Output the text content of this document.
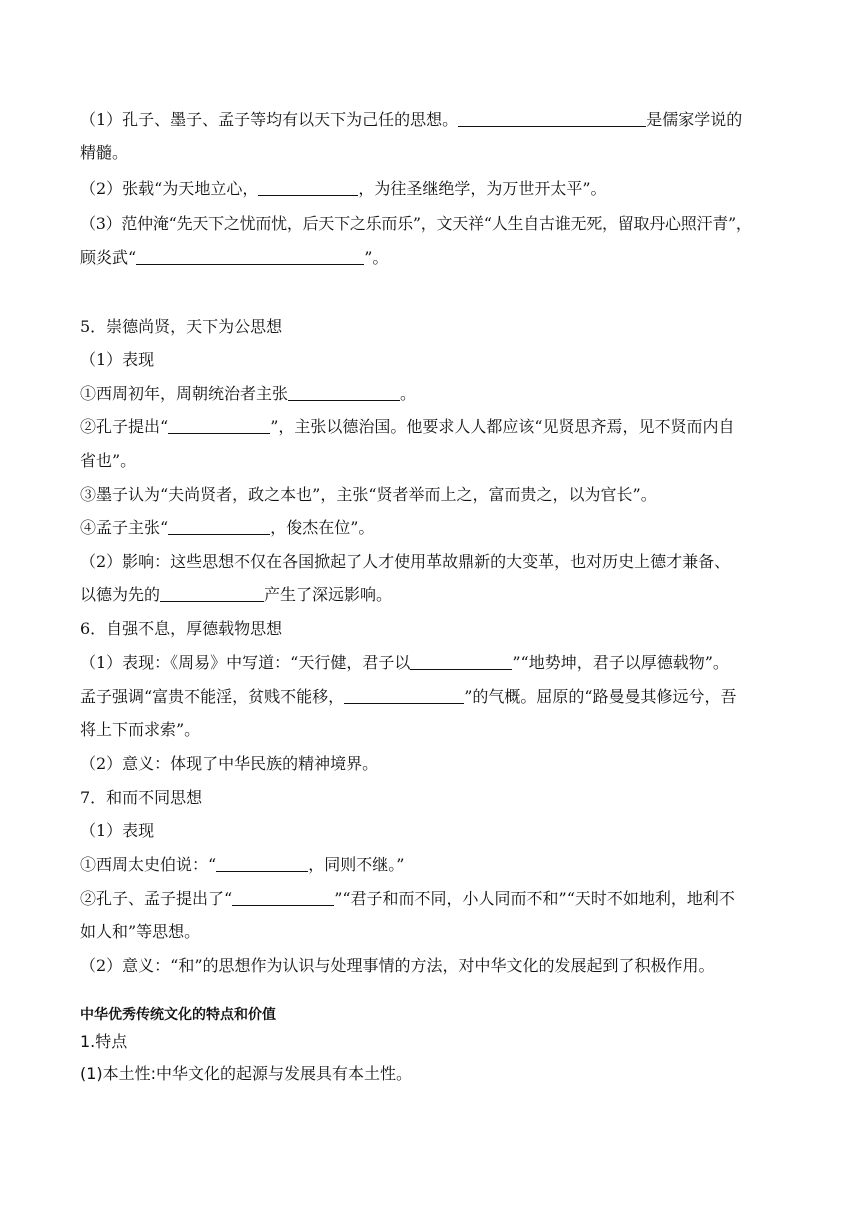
（1）孔子、墨子、孟子等均有以天下为己任的思想。	是儒家学说的
精髓。
（2）张载“为天地立心，	，为往圣继绝学，为万世开太平”。
（3）范仲淹“先天下之忧而忧，后天下之乐而乐”，文天祥“人生自古谁无死，留取丹心照汗青”，
顾炎武“	”。
5．崇德尚贤，天下为公思想
（1）表现
①西周初年，周朝统治者主张	。
②孔子提出“	”，主张以德治国。他要求人人都应该“见贤思齐焉，见不贤而内自
省也”。
③墨子认为“夫尚贤者，政之本也”，主张“贤者举而上之，富而贵之，以为官长”。
④孟子主张“	，俊杰在位”。
（2）影响：这些思想不仅在各国掀起了人才使用革故鼎新的大变革，也对历史上德才兼备、
以德为先的	产生了深远影响。
6．自强不息，厚德载物思想
（1）表现：《周易》中写道：“天行健，君子以	”“地势坤，君子以厚德载物”。
孟子强调“富贵不能淫，贫贱不能移，	”的气概。屈原的“路曼曼其修远兮，吾
将上下而求索”。
（2）意义：体现了中华民族的精神境界。
7．和而不同思想
（1）表现
①西周太史伯说：“	，同则不继。”
②孔子、孟子提出了“	”“君子和而不同，小人同而不和”“天时不如地利，地利不
如人和”等思想。
（2）意义：“和”的思想作为认识与处理事情的方法，对中华文化的发展起到了积极作用。
中华优秀传统文化的特点和价值
1.特点
(1)本土性:中华文化的起源与发展具有本土性。
